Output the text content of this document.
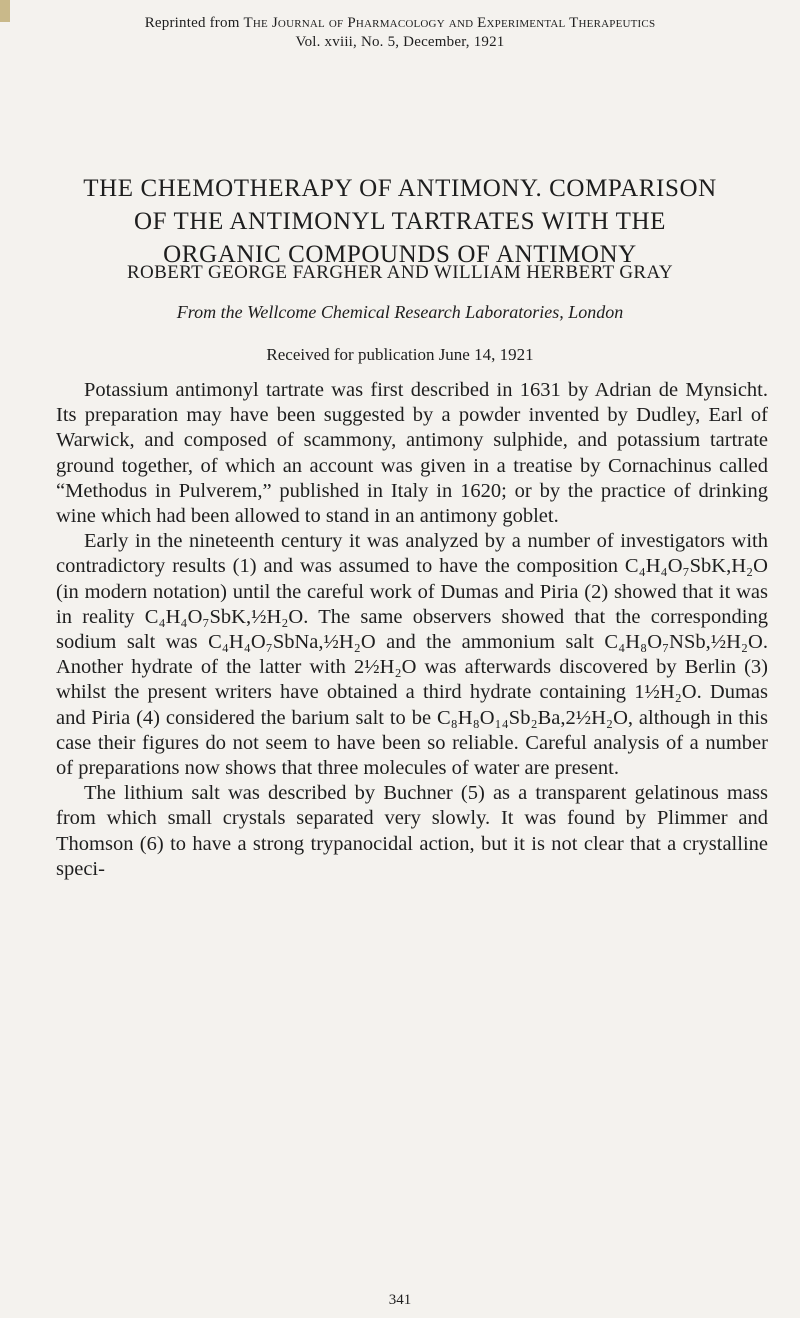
Reprinted from The Journal of Pharmacology and Experimental Therapeutics
Vol. xviii, No. 5, December, 1921
THE CHEMOTHERAPY OF ANTIMONY. COMPARISON
OF THE ANTIMONYL TARTRATES WITH THE
ORGANIC COMPOUNDS OF ANTIMONY
ROBERT GEORGE FARGHER AND WILLIAM HERBERT GRAY
From the Wellcome Chemical Research Laboratories, London
Received for publication June 14, 1921

Potassium antimonyl tartrate was first described in 1631 by Adrian de Mynsicht. Its preparation may have been suggested by a powder invented by Dudley, Earl of Warwick, and composed of scammony, antimony sulphide, and potassium tartrate ground together, of which an account was given in a treatise by Cornachinus called “Methodus in Pulverem,” published in Italy in 1620; or by the practice of drinking wine which had been allowed to stand in an antimony goblet.

Early in the nineteenth century it was analyzed by a number of investigators with contradictory results (1) and was assumed to have the composition C₄H₄O₇SbK,H₂O (in modern notation) until the careful work of Dumas and Piria (2) showed that it was in reality C₄H₄O₇SbK,½H₂O. The same observers showed that the corresponding sodium salt was C₄H₄O₇SbNa,½H₂O and the ammonium salt C₄H₈O₇NSb,½H₂O. Another hydrate of the latter with 2½H₂O was afterwards discovered by Berlin (3) whilst the present writers have obtained a third hydrate containing 1½H₂O. Dumas and Piria (4) considered the barium salt to be C₈H₈O₁₄Sb₂Ba,2½H₂O, although in this case their figures do not seem to have been so reliable. Careful analysis of a number of preparations now shows that three molecules of water are present.

The lithium salt was described by Buchner (5) as a transparent gelatinous mass from which small crystals separated very slowly. It was found by Plimmer and Thomson (6) to have a strong trypanocidal action, but it is not clear that a crystalline speci-

341
